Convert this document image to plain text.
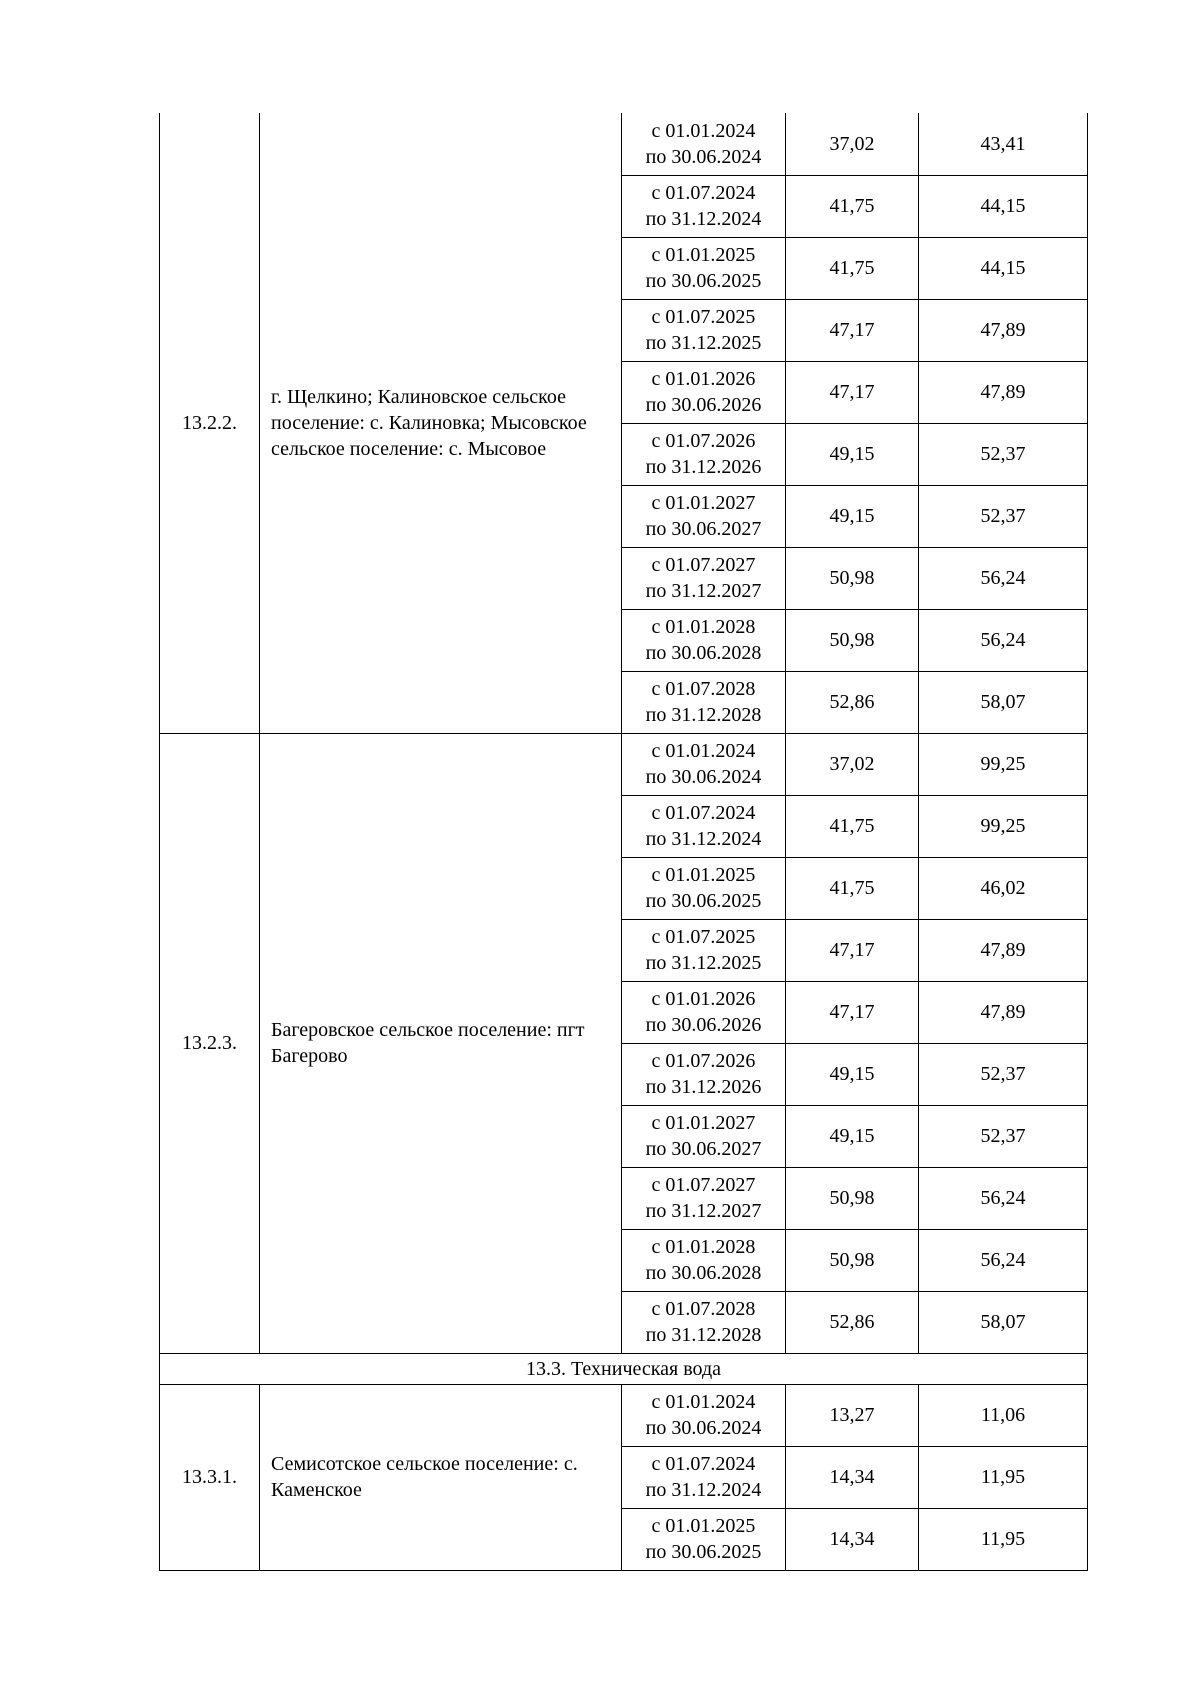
13.2.2.	г. Щелкино; Калиновское сельское поселение: с. Калиновка; Мысовское сельское поселение: с. Мысовое	с 01.01.2024
по 30.06.2024	37,02	43,41

		с 01.07.2024
по 31.12.2024	41,75	44,15

		с 01.01.2025
по 30.06.2025	41,75	44,15

		с 01.07.2025
по 31.12.2025	47,17	47,89

		с 01.01.2026
по 30.06.2026	47,17	47,89

		с 01.07.2026
по 31.12.2026	49,15	52,37

		с 01.01.2027
по 30.06.2027	49,15	52,37

		с 01.07.2027
по 31.12.2027	50,98	56,24

		с 01.01.2028
по 30.06.2028	50,98	56,24

		с 01.07.2028
по 31.12.2028	52,86	58,07
13.2.3.	Багеровское сельское поселение: пгт Багерово	с 01.01.2024
по 30.06.2024	37,02	99,25

		с 01.07.2024
по 31.12.2024	41,75	99,25

		с 01.01.2025
по 30.06.2025	41,75	46,02

		с 01.07.2025
по 31.12.2025	47,17	47,89

		с 01.01.2026
по 30.06.2026	47,17	47,89

		с 01.07.2026
по 31.12.2026	49,15	52,37

		с 01.01.2027
по 30.06.2027	49,15	52,37

		с 01.07.2027
по 31.12.2027	50,98	56,24

		с 01.01.2028
по 30.06.2028	50,98	56,24

		с 01.07.2028
по 31.12.2028	52,86	58,07
13.3. Техническая вода				
13.3.1.	Семисотское сельское поселение: с. Каменское	с 01.01.2024
по 30.06.2024	13,27	11,06

		с 01.07.2024
по 31.12.2024	14,34	11,95

		с 01.01.2025
по 30.06.2025	14,34	11,95
